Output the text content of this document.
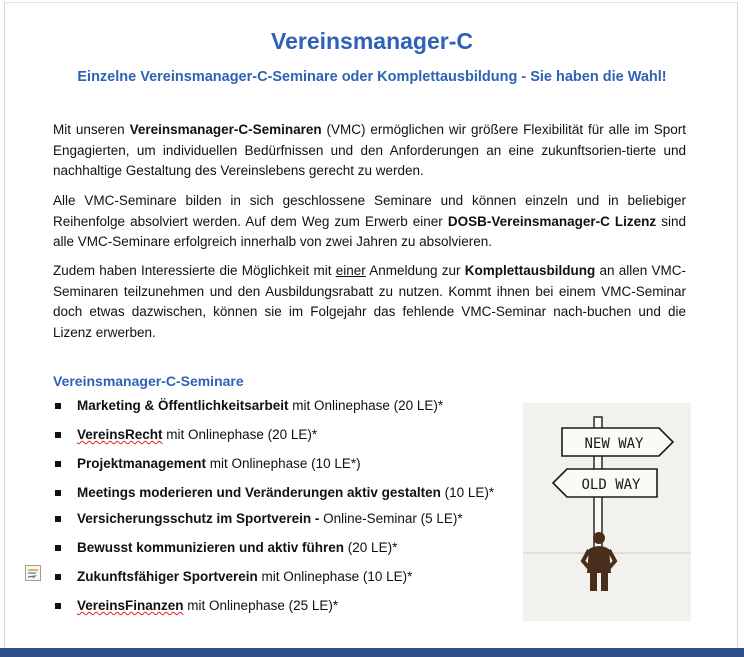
Vereinsmanager-C
Einzelne Vereinsmanager-C-Seminare oder Komplettausbildung - Sie haben die Wahl!

Mit unseren Vereinsmanager-C-Seminaren (VMC) ermöglichen wir größere Flexibilität für alle im Sport Engagierten, um individuellen Bedürfnissen und den Anforderungen an eine zukunftsorien-tierte und nachhaltige Gestaltung des Vereinslebens gerecht zu werden.

Alle VMC-Seminare bilden in sich geschlossene Seminare und können einzeln und in beliebiger Reihenfolge absolviert werden. Auf dem Weg zum Erwerb einer DOSB-Vereinsmanager-C Lizenz sind alle VMC-Seminare erfolgreich innerhalb von zwei Jahren zu absolvieren.

Zudem haben Interessierte die Möglichkeit mit einer Anmeldung zur Komplettausbildung an allen VMC-Seminaren teilzunehmen und den Ausbildungsrabatt zu nutzen. Kommt ihnen bei einem VMC-Seminar doch etwas dazwischen, können sie im Folgejahr das fehlende VMC-Seminar nach-buchen und die Lizenz erwerben.

Vereinsmanager-C-Seminare
Marketing & Öffentlichkeitsarbeit mit Onlinephase (20 LE)*
VereinsRecht mit Onlinephase (20 LE)*
Projektmanagement mit Onlinephase (10 LE*)
Meetings moderieren und Veränderungen aktiv gestalten (10 LE)*
Versicherungsschutz im Sportverein - Online-Seminar (5 LE)*
Bewusst kommunizieren und aktiv führen (20 LE)*
Zukunftsfähiger Sportverein mit Onlinephase (10 LE)*
VereinsFinanzen mit Onlinephase (25 LE)*
NEW WAY
OLD WAY
